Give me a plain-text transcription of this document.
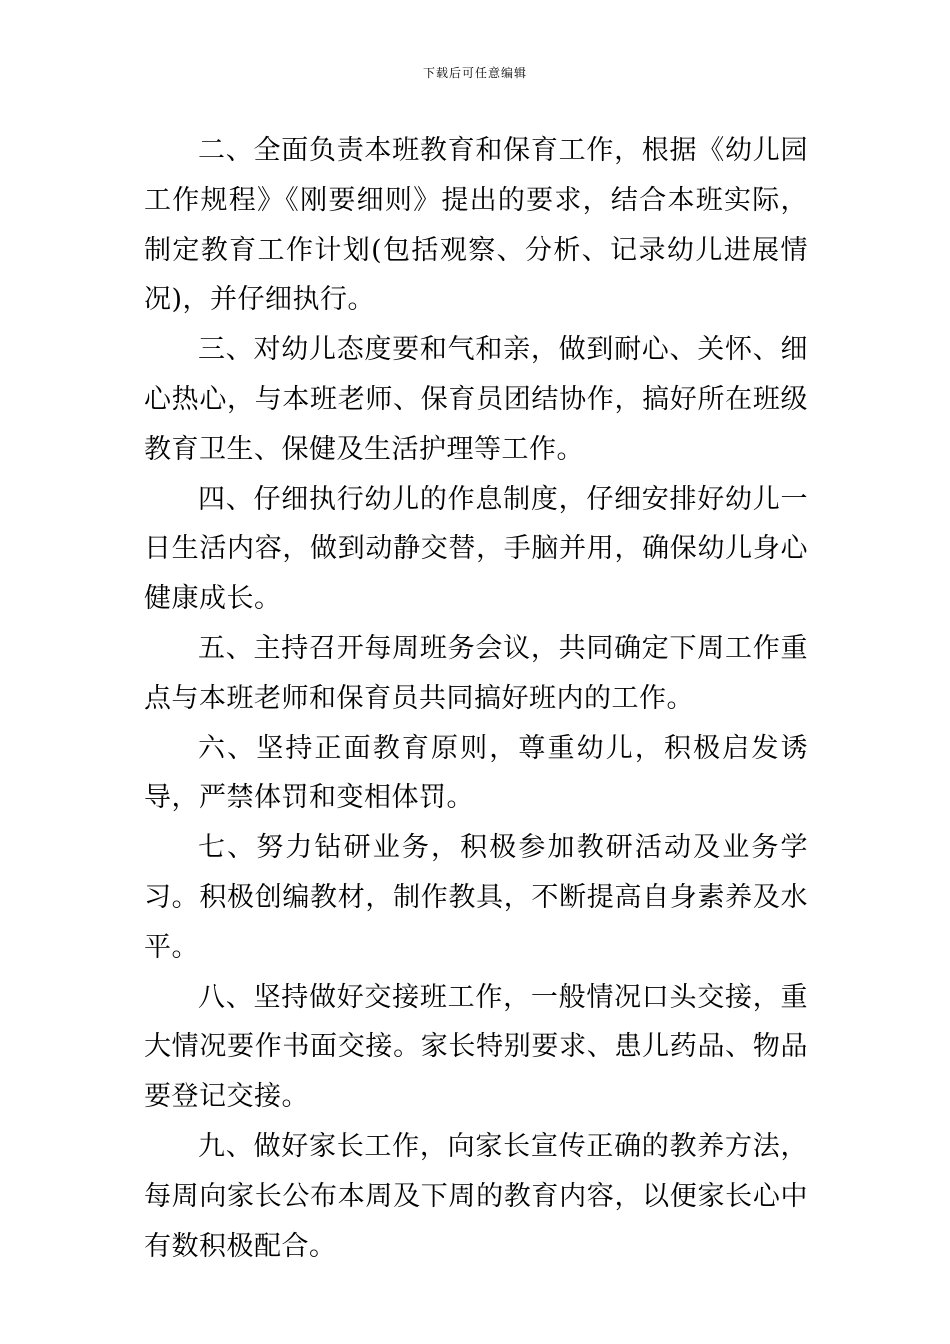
下载后可任意编辑

二、全面负责本班教育和保育工作，根据《幼儿园工作规程》《刚要细则》提出的要求，结合本班实际，制定教育工作计划(包括观察、分析、记录幼儿进展情况)，并仔细执行。

三、对幼儿态度要和气和亲，做到耐心、关怀、细心热心，与本班老师、保育员团结协作，搞好所在班级教育卫生、保健及生活护理等工作。

四、仔细执行幼儿的作息制度，仔细安排好幼儿一日生活内容，做到动静交替，手脑并用，确保幼儿身心健康成长。

五、主持召开每周班务会议，共同确定下周工作重点与本班老师和保育员共同搞好班内的工作。

六、坚持正面教育原则，尊重幼儿，积极启发诱导，严禁体罚和变相体罚。

七、努力钻研业务，积极参加教研活动及业务学习。积极创编教材，制作教具，不断提高自身素养及水平。

八、坚持做好交接班工作，一般情况口头交接，重大情况要作书面交接。家长特别要求、患儿药品、物品要登记交接。

九、做好家长工作，向家长宣传正确的教养方法，每周向家长公布本周及下周的教育内容，以便家长心中有数积极配合。
